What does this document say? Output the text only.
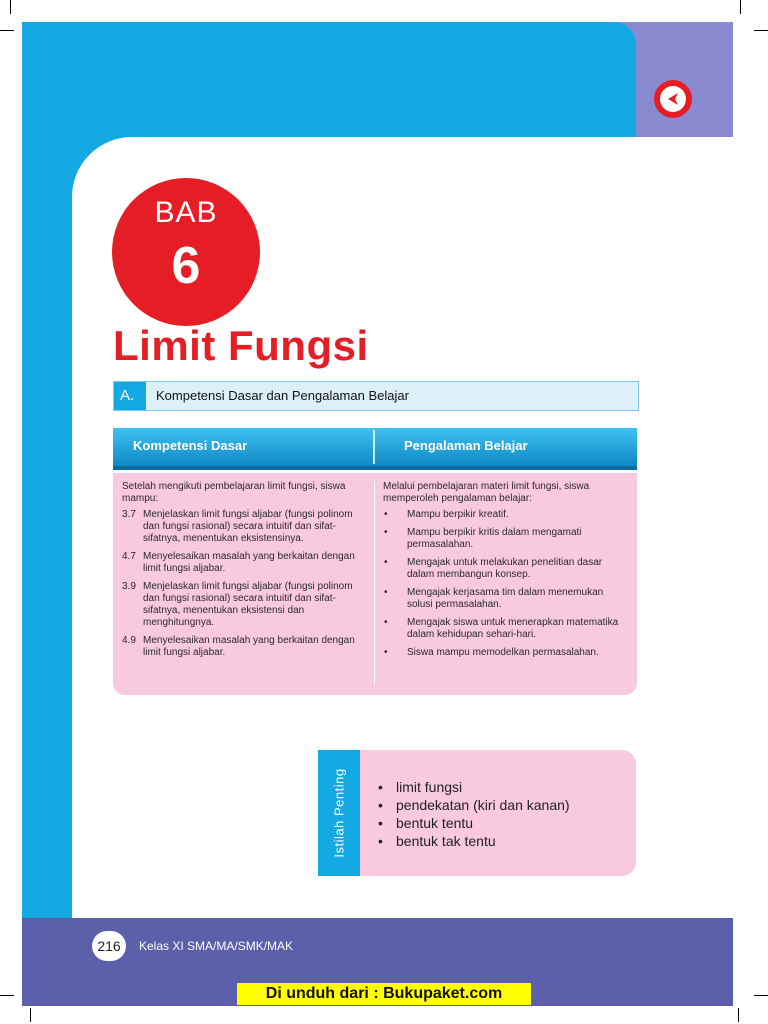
BAB
6
Limit Fungsi
A.	Kompetensi Dasar dan Pengalaman Belajar
Kompetensi Dasar	Pengalaman Belajar

Setelah mengikuti pembelajaran limit fungsi, siswa mampu:

3.7 Menjelaskan limit fungsi aljabar (fungsi polinom dan fungsi rasional) secara intuitif dan sifat-sifatnya, menentukan eksistensinya.
4.7 Menyelesaikan masalah yang berkaitan dengan limit fungsi aljabar.
3.9 Menjelaskan limit fungsi aljabar (fungsi polinom dan fungsi rasional) secara intuitif dan sifat-sifatnya, menentukan eksistensi dan menghitungnya.
4.9 Menyelesaikan masalah yang berkaitan dengan limit fungsi aljabar.

Melalui pembelajaran materi limit fungsi, siswa memperoleh pengalaman belajar:

• Mampu berpikir kreatif.
• Mampu berpikir kritis dalam mengamati permasalahan.
• Mengajak untuk melakukan penelitian dasar dalam membangun konsep.
• Mengajak kerjasama tim dalam menemukan solusi permasalahan.
• Mengajak siswa untuk menerapkan matematika dalam kehidupan sehari-hari.
• Siswa mampu memodelkan permasalahan.
Istilah Penting
•	limit fungsi
• pendekatan (kiri dan kanan)
• bentuk tentu
• bentuk tak tentu
216	Kelas XI SMA/MA/SMK/MAK
Di unduh dari : Bukupaket.com
